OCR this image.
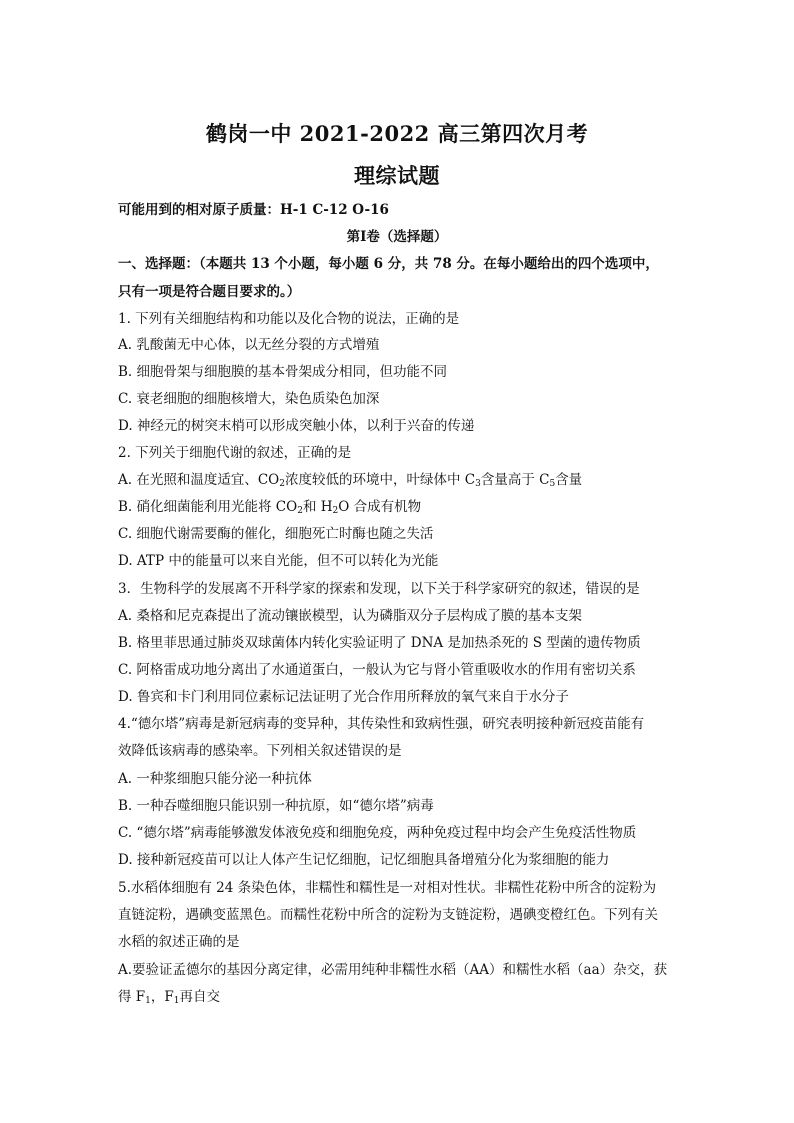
鹤岗一中 2021-2022 高三第四次月考
理综试题
可能用到的相对原子质量：H-1 C-12 O-16
第Ⅰ卷（选择题）
一、选择题：（本题共 13 个小题，每小题 6 分，共 78 分。在每小题给出的四个选项中，
只有一项是符合题目要求的。）
1. 下列有关细胞结构和功能以及化合物的说法，正确的是
A. 乳酸菌无中心体，以无丝分裂的方式增殖
B. 细胞骨架与细胞膜的基本骨架成分相同，但功能不同
C. 衰老细胞的细胞核增大，染色质染色加深
D. 神经元的树突末梢可以形成突触小体，以利于兴奋的传递
2. 下列关于细胞代谢的叙述，正确的是
A. 在光照和温度适宜、$CO_2$浓度较低的环境中，叶绿体中 $C_3$含量高于 $C_5$含量
B. 硝化细菌能利用光能将 $CO_2$和 $H_2O$ 合成有机物
C. 细胞代谢需要酶的催化，细胞死亡时酶也随之失活
D. ATP 中的能量可以来自光能，但不可以转化为光能
3．生物科学的发展离不开科学家的探索和发现，以下关于科学家研究的叙述，错误的是
A. 桑格和尼克森提出了流动镶嵌模型，认为磷脂双分子层构成了膜的基本支架
B. 格里菲思通过肺炎双球菌体内转化实验证明了 DNA 是加热杀死的 S 型菌的遗传物质
C. 阿格雷成功地分离出了水通道蛋白，一般认为它与肾小管重吸收水的作用有密切关系
D. 鲁宾和卡门利用同位素标记法证明了光合作用所释放的氧气来自于水分子
4.“德尔塔”病毒是新冠病毒的变异种，其传染性和致病性强，研究表明接种新冠疫苗能有
效降低该病毒的感染率。下列相关叙述错误的是
A. 一种浆细胞只能分泌一种抗体
B. 一种吞噬细胞只能识别一种抗原，如“德尔塔”病毒
C. “德尔塔”病毒能够激发体液免疫和细胞免疫，两种免疫过程中均会产生免疫活性物质
D. 接种新冠疫苗可以让人体产生记忆细胞，记忆细胞具备增殖分化为浆细胞的能力
5.水稻体细胞有 24 条染色体，非糯性和糯性是一对相对性状。非糯性花粉中所含的淀粉为
直链淀粉，遇碘变蓝黑色。而糯性花粉中所含的淀粉为支链淀粉，遇碘变橙红色。下列有关
水稻的叙述正确的是
A.要验证孟德尔的基因分离定律，必需用纯种非糯性水稻（AA）和糯性水稻（aa）杂交，获
得 $F_1$，$F_1$再自交
